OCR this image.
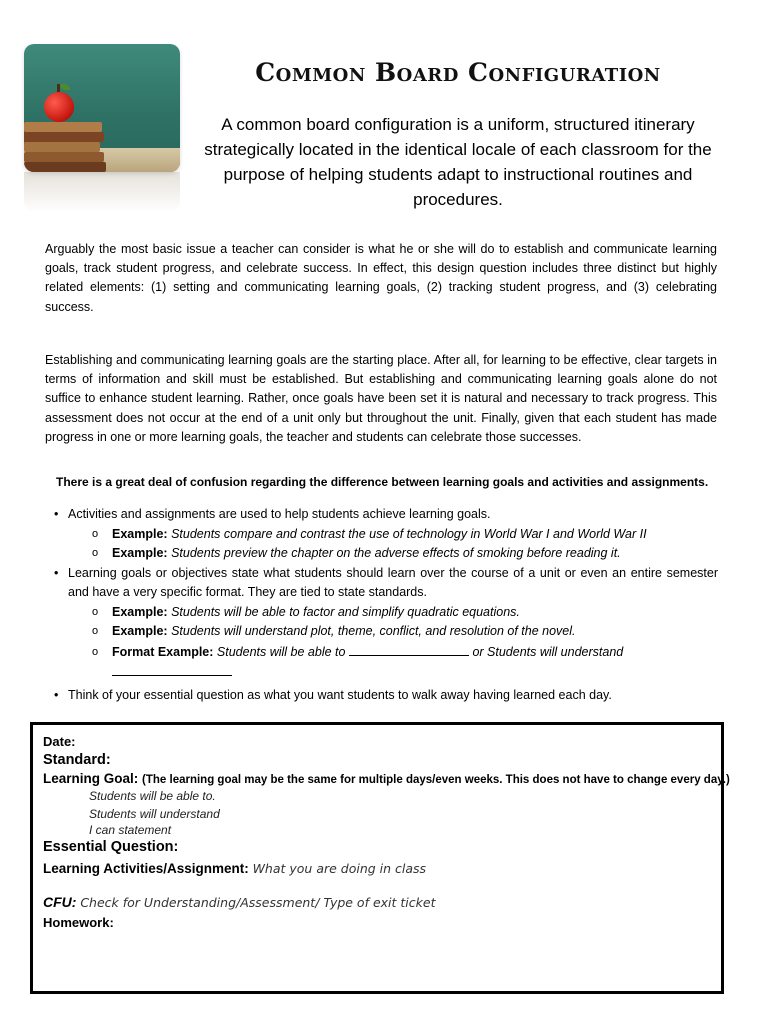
Common Board Configuration
A common board configuration is a uniform, structured itinerary strategically located in the identical locale of each classroom for the purpose of helping students adapt to instructional routines and procedures.
Arguably the most basic issue a teacher can consider is what he or she will do to establish and communicate learning goals, track student progress, and celebrate success. In effect, this design question includes three distinct but highly related elements: (1) setting and communicating learning goals, (2) tracking student progress, and (3) celebrating success.
Establishing and communicating learning goals are the starting place. After all, for learning to be effective, clear targets in terms of information and skill must be established. But establishing and communicating learning goals alone do not suffice to enhance student learning. Rather, once goals have been set it is natural and necessary to track progress. This assessment does not occur at the end of a unit only but throughout the unit. Finally, given that each student has made progress in one or more learning goals, the teacher and students can celebrate those successes.
There is a great deal of confusion regarding the difference between learning goals and activities and assignments.
• Activities and assignments are used to help students achieve learning goals.
o Example: Students compare and contrast the use of technology in World War I and World War II
o Example: Students preview the chapter on the adverse effects of smoking before reading it.
• Learning goals or objectives state what students should learn over the course of a unit or even an entire semester and have a very specific format. They are tied to state standards.
o Example: Students will be able to factor and simplify quadratic equations.
o Example: Students will understand plot, theme, conflict, and resolution of the novel.
o Format Example: Students will be able to	or Students will understand

• Think of your essential question as what you want students to walk away having learned each day.
Date:
Standard:
Learning Goal: (The learning goal may be the same for multiple days/even weeks. This does not have to change every day.)
Students will be able to.
Students will understand
I can statement
Essential Question:
Learning Activities/Assignment: What you are doing in class
CFU: Check for Understanding/Assessment/ Type of exit ticket
Homework:
